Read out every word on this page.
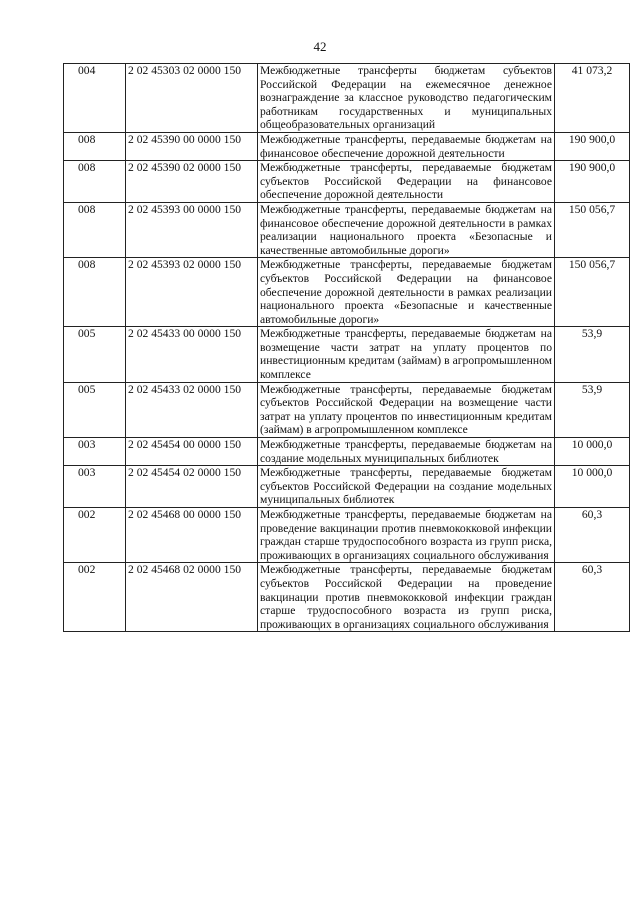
42
004	2 02 45303 02 0000 150	Межбюджетные трансферты бюджетам субъектов Российской Федерации на ежемесячное денежное вознаграждение за классное руководство педагогическим работникам государственных и муниципальных общеобразовательных организаций	41 073,2
008	2 02 45390 00 0000 150	Межбюджетные трансферты, передаваемые бюджетам на финансовое обеспечение дорожной деятельности	190 900,0
008	2 02 45390 02 0000 150	Межбюджетные трансферты, передаваемые бюджетам субъектов Российской Федерации на финансовое обеспечение дорожной деятельности	190 900,0
008	2 02 45393 00 0000 150	Межбюджетные трансферты, передаваемые бюджетам на финансовое обеспечение дорожной деятельности в рамках реализации национального проекта «Безопасные и качественные автомобильные дороги»	150 056,7
008	2 02 45393 02 0000 150	Межбюджетные трансферты, передаваемые бюджетам субъектов Российской Федерации на финансовое обеспечение дорожной деятельности в рамках реализации национального проекта «Безопасные и качественные автомобильные дороги»	150 056,7
005	2 02 45433 00 0000 150	Межбюджетные трансферты, передаваемые бюджетам на возмещение части затрат на уплату процентов по инвестиционным кредитам (займам) в агропромышленном комплексе	53,9
005	2 02 45433 02 0000 150	Межбюджетные трансферты, передаваемые бюджетам субъектов Российской Федерации на возмещение части затрат на уплату процентов по инвестиционным кредитам (займам) в агропромышленном комплексе	53,9
003	2 02 45454 00 0000 150	Межбюджетные трансферты, передаваемые бюджетам на создание модельных муниципальных библиотек	10 000,0
003	2 02 45454 02 0000 150	Межбюджетные трансферты, передаваемые бюджетам субъектов Российской Федерации на создание модельных муниципальных библиотек	10 000,0
002	2 02 45468 00 0000 150	Межбюджетные трансферты, передаваемые бюджетам на проведение вакцинации против пневмококковой инфекции граждан старше трудоспособного возраста из групп риска, проживающих в организациях социального обслуживания	60,3
002	2 02 45468 02 0000 150	Межбюджетные трансферты, передаваемые бюджетам субъектов Российской Федерации на проведение вакцинации против пневмококковой инфекции граждан старше трудоспособного возраста из групп риска, проживающих в организациях социального обслуживания	60,3
